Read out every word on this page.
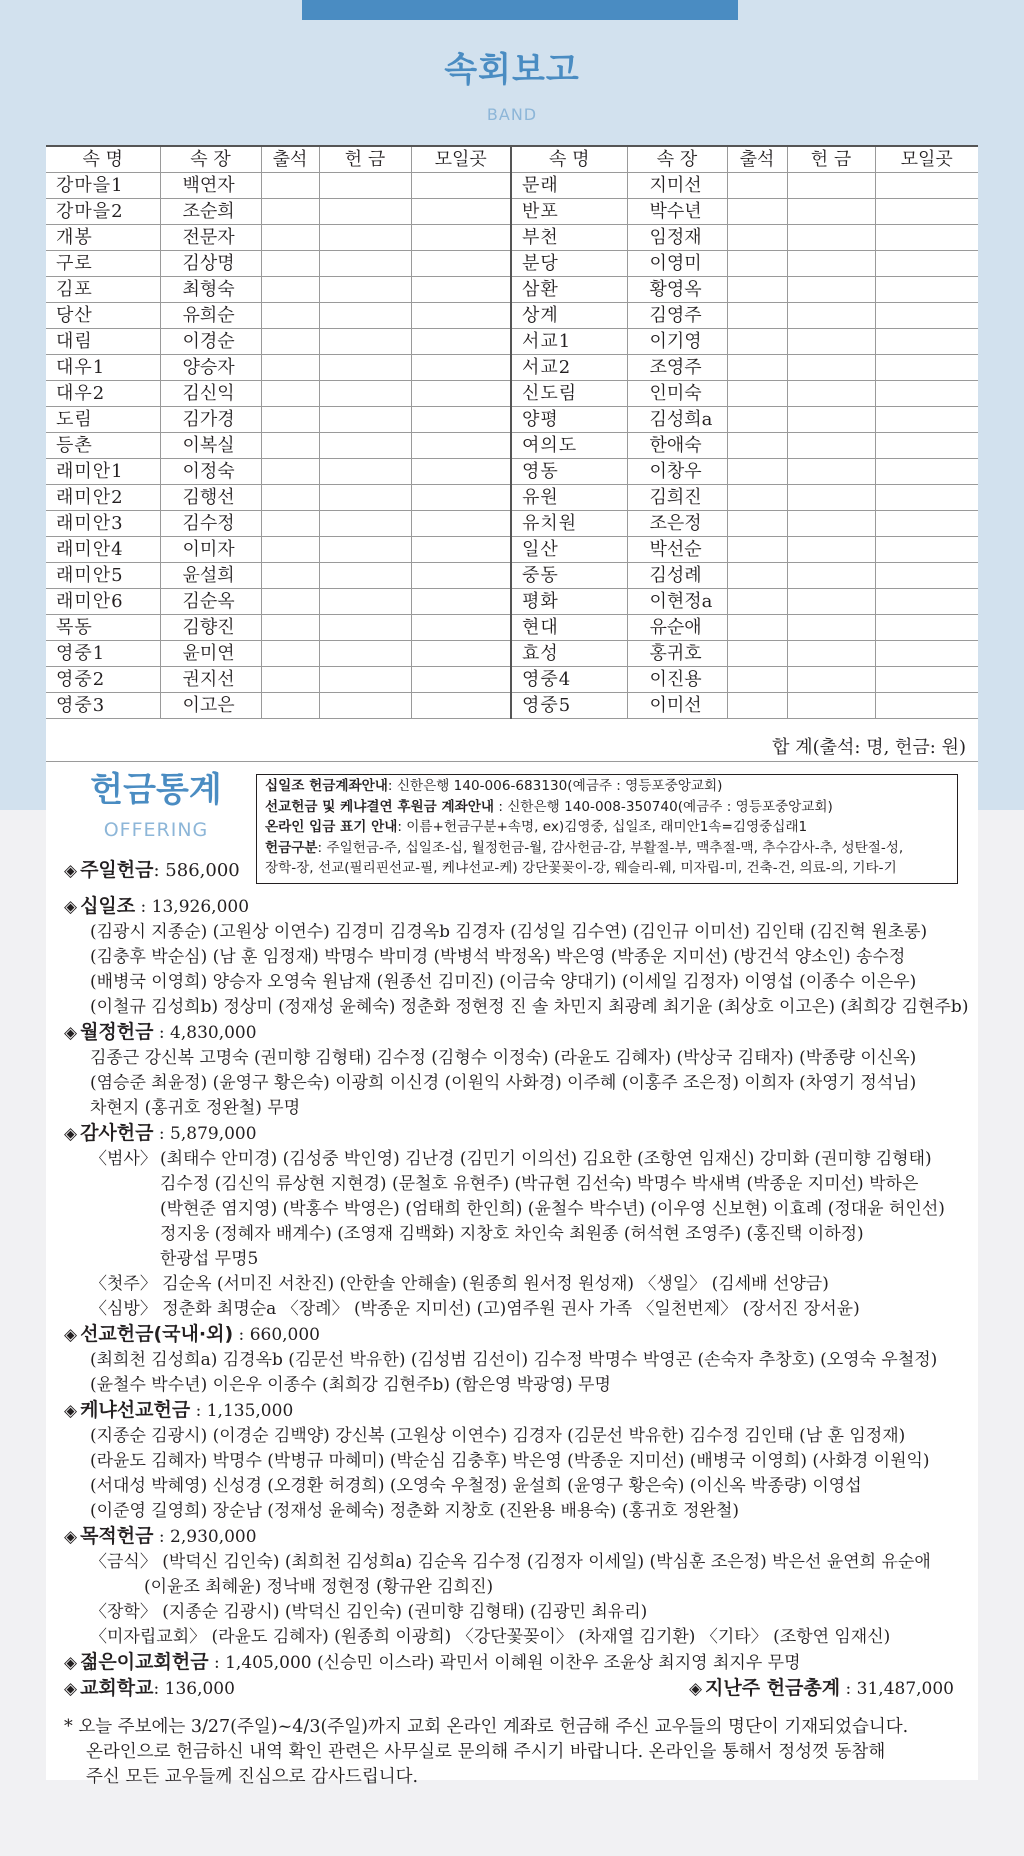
속회보고
BAND
속 명	속 장	출석	헌 금	모일곳	속 명	속 장	출석	헌 금	모일곳
강마을1	백연자				문래	지미선			
강마을2	조순희				반포	박수년			
개봉	전문자				부천	임정재			
구로	김상명				분당	이영미			
김포	최형숙				삼환	황영옥			
당산	유희순				상계	김영주			
대림	이경순				서교1	이기영			
대우1	양승자				서교2	조영주			
대우2	김신익				신도림	인미숙			
도림	김가경				양평	김성희a			
등촌	이복실				여의도	한애숙			
래미안1	이정숙				영동	이창우			
래미안2	김행선				유원	김희진			
래미안3	김수정				유치원	조은정			
래미안4	이미자				일산	박선순			
래미안5	윤설희				중동	김성례			
래미안6	김순옥				평화	이현정a			
목동	김향진				현대	유순애			
영중1	윤미연				효성	홍귀호			
영중2	권지선				영중4	이진용			
영중3	이고은				영중5	이미선			
합 계(출석: 명, 헌금: 원)
헌금통계
OFFERING
◈ 주일헌금: 586,000
십일조 헌금계좌안내: 신한은행 140-006-683130(예금주 : 영등포중앙교회)
선교헌금 및 케냐결연 후원금 계좌안내 : 신한은행 140-008-350740(예금주 : 영등포중앙교회)
온라인 입금 표기 안내: 이름+헌금구분+속명, ex)김영중, 십일조, 래미안1속=김영중십래1
헌금구분: 주일헌금-주, 십일조-십, 월정헌금-월, 감사헌금-감, 부활절-부, 맥추절-맥, 추수감사-추, 성탄절-성,
장학-장, 선교(필리핀선교-필, 케냐선교-케) 강단꽃꽂이-강, 웨슬리-웨, 미자립-미, 건축-건, 의료-의, 기타-기
◈ 십일조 : 13,926,000
(김광시 지종순) (고원상 이연수) 김경미 김경옥b 김경자 (김성일 김수연) (김인규 이미선) 김인태 (김진혁 원초롱)
(김충후 박순심) (남 훈 임정재) 박명수 박미경 (박병석 박정옥) 박은영 (박종운 지미선) (방건석 양소인) 송수정
(배병국 이영희) 양승자 오영숙 원남재 (원종선 김미진) (이금숙 양대기) (이세일 김정자) 이영섭 (이종수 이은우)
(이철규 김성희b) 정상미 (정재성 윤혜숙) 정춘화 정현정 진 솔 차민지 최광례 최기윤 (최상호 이고은) (최희강 김현주b)
◈ 월정헌금 : 4,830,000
김종근 강신복 고명숙 (권미향 김형태) 김수정 (김형수 이정숙) (라윤도 김혜자) (박상국 김태자) (박종량 이신옥)
(염승준 최윤정) (윤영구 황은숙) 이광희 이신경 (이원익 사화경) 이주혜 (이홍주 조은정) 이희자 (차영기 정석님)
차현지 (홍귀호 정완철) 무명
◈ 감사헌금 : 5,879,000
〈범사〉 (최태수 안미경) (김성중 박인영) 김난경 (김민기 이의선) 김요한 (조항연 임재신) 강미화 (권미향 김형태)
김수정 (김신익 류상현 지현경) (문철호 유현주) (박규현 김선숙) 박명수 박새벽 (박종운 지미선) 박하은
(박현준 염지영) (박홍수 박영은) (엄태희 한인희) (윤철수 박수년) (이우영 신보현) 이효례 (정대윤 허인선)
정지웅 (정혜자 배계수) (조영재 김백화) 지창호 차인숙 최원종 (허석현 조영주) (홍진택 이하정)
한광섭 무명5
〈첫주〉 김순옥 (서미진 서찬진) (안한솔 안해솔) (원종희 원서정 원성재) 〈생일〉 (김세배 선양금)
〈심방〉 정춘화 최명순a 〈장례〉 (박종운 지미선) (고)염주원 권사 가족 〈일천번제〉 (장서진 장서윤)
◈ 선교헌금(국내·외) : 660,000
(최희천 김성희a) 김경옥b (김문선 박유한) (김성범 김선이) 김수정 박명수 박영곤 (손숙자 추창호) (오영숙 우철정)
(윤철수 박수년) 이은우 이종수 (최희강 김현주b) (함은영 박광영) 무명
◈ 케냐선교헌금 : 1,135,000
(지종순 김광시) (이경순 김백양) 강신복 (고원상 이연수) 김경자 (김문선 박유한) 김수정 김인태 (남 훈 임정재)
(라윤도 김혜자) 박명수 (박병규 마혜미) (박순심 김충후) 박은영 (박종운 지미선) (배병국 이영희) (사화경 이원익)
(서대성 박혜영) 신성경 (오경환 허경희) (오영숙 우철정) 윤설희 (윤영구 황은숙) (이신옥 박종량) 이영섭
(이준영 길영희) 장순남 (정재성 윤혜숙) 정춘화 지창호 (진완용 배용숙) (홍귀호 정완철)
◈ 목적헌금 : 2,930,000
〈금식〉 (박덕신 김인숙) (최희천 김성희a) 김순옥 김수정 (김정자 이세일) (박심훈 조은정) 박은선 윤연희 유순애
(이윤조 최혜윤) 정낙배 정현정 (황규완 김희진)
〈장학〉 (지종순 김광시) (박덕신 김인숙) (권미향 김형태) (김광민 최유리)
〈미자립교회〉 (라윤도 김혜자) (원종희 이광희) 〈강단꽃꽂이〉 (차재열 김기환) 〈기타〉 (조항연 임재신)
◈ 젊은이교회헌금 : 1,405,000 (신승민 이스라) 곽민서 이혜원 이찬우 조윤상 최지영 최지우 무명
◈ 교회학교: 136,000	◈ 지난주 헌금총계 : 31,487,000
* 오늘 주보에는 3/27(주일)~4/3(주일)까지 교회 온라인 계좌로 헌금해 주신 교우들의 명단이 기재되었습니다.
온라인으로 헌금하신 내역 확인 관련은 사무실로 문의해 주시기 바랍니다. 온라인을 통해서 정성껏 동참해
주신 모든 교우들께 진심으로 감사드립니다.
